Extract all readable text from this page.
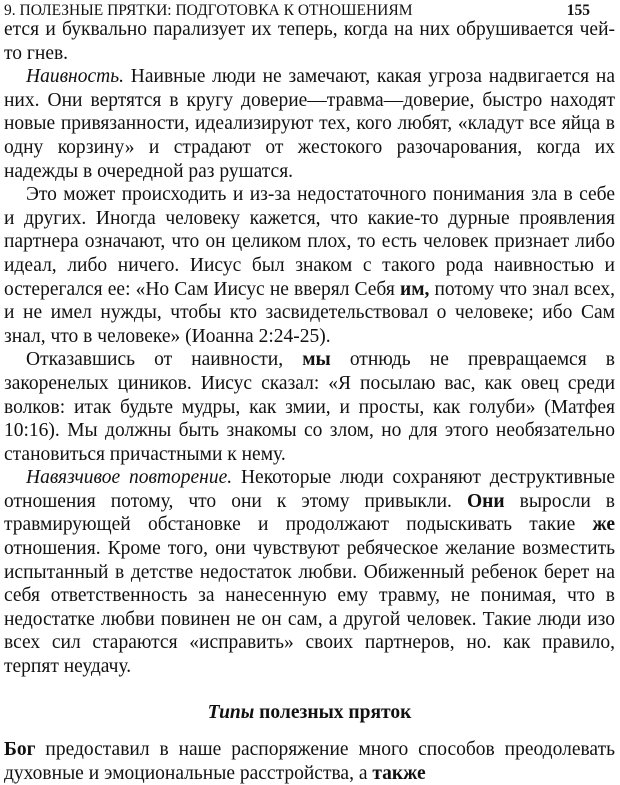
9. ПОЛЕЗНЫЕ ПРЯТКИ: ПОДГОТОВКА К ОТНОШЕНИЯМ	155

ется и буквально парализует их теперь, когда на них обрушивается чей-то гнев.

Наивность. Наивные люди не замечают, какая угроза надвигается на них. Они вертятся в кругу доверие—травма—доверие, быстро находят новые привязанности, идеализируют тех, кого любят, «кладут все яйца в одну корзину» и страдают от жестокого разочарования, когда их надежды в очередной раз рушатся.

Это может происходить и из-за недостаточного понимания зла в себе и других. Иногда человеку кажется, что какие-то дурные проявления партнера означают, что он целиком плох, то есть человек признает либо идеал, либо ничего. Иисус был знаком с такого рода наивностью и остерегался ее: «Но Сам Иисус не вверял Себя им, потому что знал всех, и не имел нужды, чтобы кто засвидетельствовал о человеке; ибо Сам знал, что в человеке» (Иоанна 2:24-25).

Отказавшись от наивности, мы отнюдь не превращаемся в закоренелых циников. Иисус сказал: «Я посылаю вас, как овец среди волков: итак будьте мудры, как змии, и просты, как голуби» (Матфея 10:16). Мы должны быть знакомы со злом, но для этого необязательно становиться причастными к нему.

Навязчивое повторение. Некоторые люди сохраняют деструктивные отношения потому, что они к этому привыкли. Они выросли в травмирующей обстановке и продолжают подыскивать такие же отношения. Кроме того, они чувствуют ребяческое желание возместить испытанный в детстве недостаток любви. Обиженный ребенок берет на себя ответственность за нанесенную ему травму, не понимая, что в недостатке любви повинен не он сам, а другой человек. Такие люди изо всех сил стараются «исправить» своих партнеров, но. как правило, терпят неудачу.

Типы полезных пряток

Бог предоставил в наше распоряжение много способов преодолевать духовные и эмоциональные расстройства, а также
